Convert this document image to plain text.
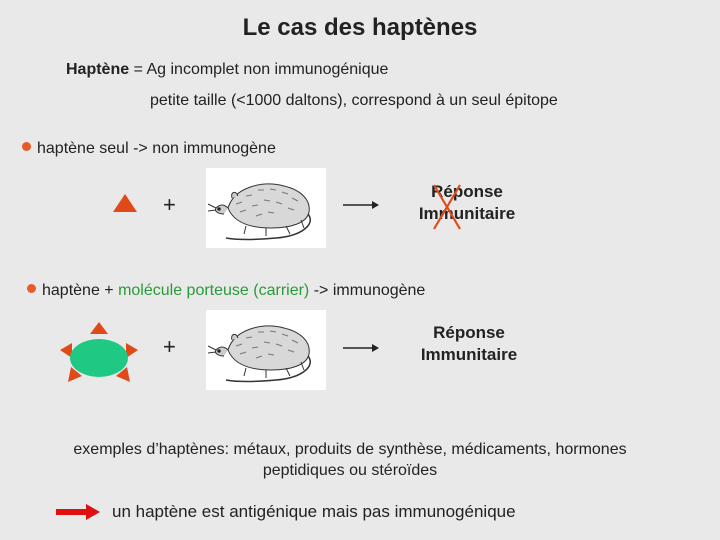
Le cas des haptènes
Haptène = Ag incomplet non immunogénique
petite taille (<1000 daltons), correspond à un seul épitope
haptène seul -> non immunogène
+
Réponse
Immunitaire
haptène + molécule porteuse (carrier) -> immunogène
+
Réponse
Immunitaire
exemples d’haptènes: métaux, produits de synthèse, médicaments, hormones
peptidiques ou stéroïdes
un haptène est antigénique mais pas immunogénique
